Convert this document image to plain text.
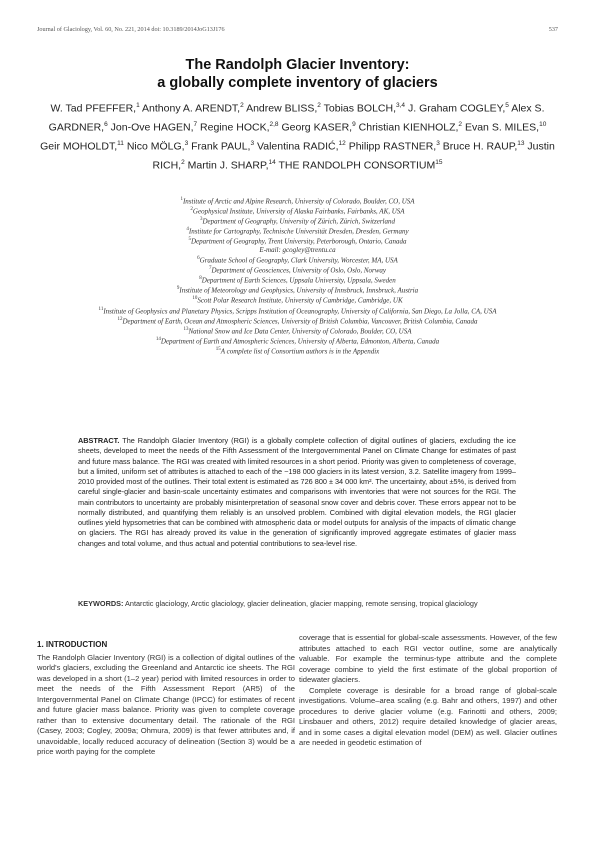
Journal of Glaciology, Vol. 60, No. 221, 2014 doi: 10.3189/2014JoG13J176	537
The Randolph Glacier Inventory:
a globally complete inventory of glaciers
W. Tad PFEFFER,$^1$ Anthony A. ARENDT,$^2$ Andrew BLISS,$^2$ Tobias BOLCH,$^{3,4}$ J. Graham COGLEY,$^5$ Alex S. GARDNER,$^6$ Jon-Ove HAGEN,$^7$ Regine HOCK,$^{2,8}$ Georg KASER,$^9$ Christian KIENHOLZ,$^2$ Evan S. MILES,$^{10}$ Geir MOHOLDT,$^{11}$ Nico MÖLG,$^3$ Frank PAUL,$^3$ Valentina RADIĆ,$^{12}$ Philipp RASTNER,$^3$ Bruce H. RAUP,$^{13}$ Justin RICH,$^2$ Martin J. SHARP,$^{14}$ THE RANDOLPH CONSORTIUM$^{15}$
$^1$Institute of Arctic and Alpine Research, University of Colorado, Boulder, CO, USA
$^2$Geophysical Institute, University of Alaska Fairbanks, Fairbanks, AK, USA
$^3$Department of Geography, University of Zürich, Zürich, Switzerland
$^4$Institute for Cartography, Technische Universität Dresden, Dresden, Germany
$^5$Department of Geography, Trent University, Peterborough, Ontario, Canada
E-mail: gcogley@trentu.ca
$^6$Graduate School of Geography, Clark University, Worcester, MA, USA
$^7$Department of Geosciences, University of Oslo, Oslo, Norway
$^8$Department of Earth Sciences, Uppsala University, Uppsala, Sweden
$^9$Institute of Meteorology and Geophysics, University of Innsbruck, Innsbruck, Austria
$^{10}$Scott Polar Research Institute, University of Cambridge, Cambridge, UK
$^{11}$Institute of Geophysics and Planetary Physics, Scripps Institution of Oceanography, University of California, San Diego, La Jolla, CA, USA
$^{12}$Department of Earth, Ocean and Atmospheric Sciences, University of British Columbia, Vancouver, British Columbia, Canada
$^{13}$National Snow and Ice Data Center, University of Colorado, Boulder, CO, USA
$^{14}$Department of Earth and Atmospheric Sciences, University of Alberta, Edmonton, Alberta, Canada
$^{15}$A complete list of Consortium authors is in the Appendix
ABSTRACT. The Randolph Glacier Inventory (RGI) is a globally complete collection of digital outlines of glaciers, excluding the ice sheets, developed to meet the needs of the Fifth Assessment of the Intergovernmental Panel on Climate Change for estimates of past and future mass balance. The RGI was created with limited resources in a short period. Priority was given to completeness of coverage, but a limited, uniform set of attributes is attached to each of the ~198 000 glaciers in its latest version, 3.2. Satellite imagery from 1999–2010 provided most of the outlines. Their total extent is estimated as 726 800 ± 34 000 km². The uncertainty, about ±5%, is derived from careful single-glacier and basin-scale uncertainty estimates and comparisons with inventories that were not sources for the RGI. The main contributors to uncertainty are probably misinterpretation of seasonal snow cover and debris cover. These errors appear not to be normally distributed, and quantifying them reliably is an unsolved problem. Combined with digital elevation models, the RGI glacier outlines yield hypsometries that can be combined with atmospheric data or model outputs for analysis of the impacts of climatic change on glaciers. The RGI has already proved its value in the generation of significantly improved aggregate estimates of glacier mass changes and total volume, and thus actual and potential contributions to sea-level rise.
KEYWORDS: Antarctic glaciology, Arctic glaciology, glacier delineation, glacier mapping, remote sensing, tropical glaciology
1. INTRODUCTION

The Randolph Glacier Inventory (RGI) is a collection of digital outlines of the world's glaciers, excluding the Greenland and Antarctic ice sheets. The RGI was developed in a short (1–2 year) period with limited resources in order to meet the needs of the Fifth Assessment Report (AR5) of the Intergovernmental Panel on Climate Change (IPCC) for estimates of recent and future glacier mass balance. Priority was given to complete coverage rather than to extensive documentary detail. The rationale of the RGI (Casey, 2003; Cogley, 2009a; Ohmura, 2009) is that fewer attributes and, if unavoidable, locally reduced accuracy of delineation (Section 3) would be a price worth paying for the complete

coverage that is essential for global-scale assessments. However, of the few attributes attached to each RGI vector outline, some are analytically valuable. For example the terminus-type attribute and the complete coverage combine to yield the first estimate of the global proportion of tidewater glaciers.

Complete coverage is desirable for a broad range of global-scale investigations. Volume–area scaling (e.g. Bahr and others, 1997) and other procedures to derive glacier volume (e.g. Farinotti and others, 2009; Linsbauer and others, 2012) require detailed knowledge of glacier areas, and in some cases a digital elevation model (DEM) as well. Glacier outlines are needed in geodetic estimation of
